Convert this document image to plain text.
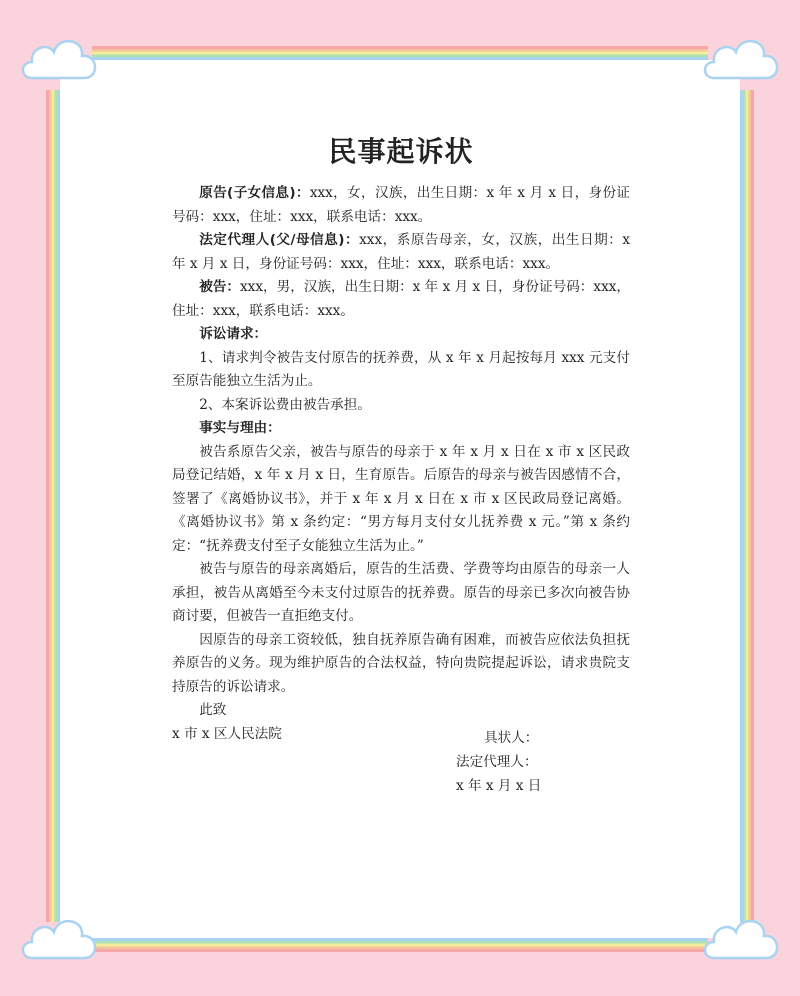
民事起诉状

原告(子女信息)：xxx，女，汉族，出生日期：x 年 x 月 x 日，身份证号码：xxx，住址：xxx，联系电话：xxx。

法定代理人(父/母信息)：xxx，系原告母亲，女，汉族，出生日期：x 年 x 月 x 日，身份证号码：xxx，住址：xxx，联系电话：xxx。

被告：xxx，男，汉族，出生日期：x 年 x 月 x 日，身份证号码：xxx，住址：xxx，联系电话：xxx。

诉讼请求：

1、请求判令被告支付原告的抚养费，从 x 年 x 月起按每月 xxx 元支付至原告能独立生活为止。

2、本案诉讼费由被告承担。

事实与理由：

被告系原告父亲，被告与原告的母亲于 x 年 x 月 x 日在 x 市 x 区民政局登记结婚，x 年 x 月 x 日，生育原告。后原告的母亲与被告因感情不合，签署了《离婚协议书》，并于 x 年 x 月 x 日在 x 市 x 区民政局登记离婚。《离婚协议书》第 x 条约定：“男方每月支付女儿抚养费 x 元。”第 x 条约定：“抚养费支付至子女能独立生活为止。”

被告与原告的母亲离婚后，原告的生活费、学费等均由原告的母亲一人承担，被告从离婚至今未支付过原告的抚养费。原告的母亲已多次向被告协商讨要，但被告一直拒绝支付。

因原告的母亲工资较低，独自抚养原告确有困难，而被告应依法负担抚养原告的义务。现为维护原告的合法权益，特向贵院提起诉讼，请求贵院支持原告的诉讼请求。

此致

x 市 x 区人民法院	具状人：
法定代理人：
x 年 x 月 x 日
